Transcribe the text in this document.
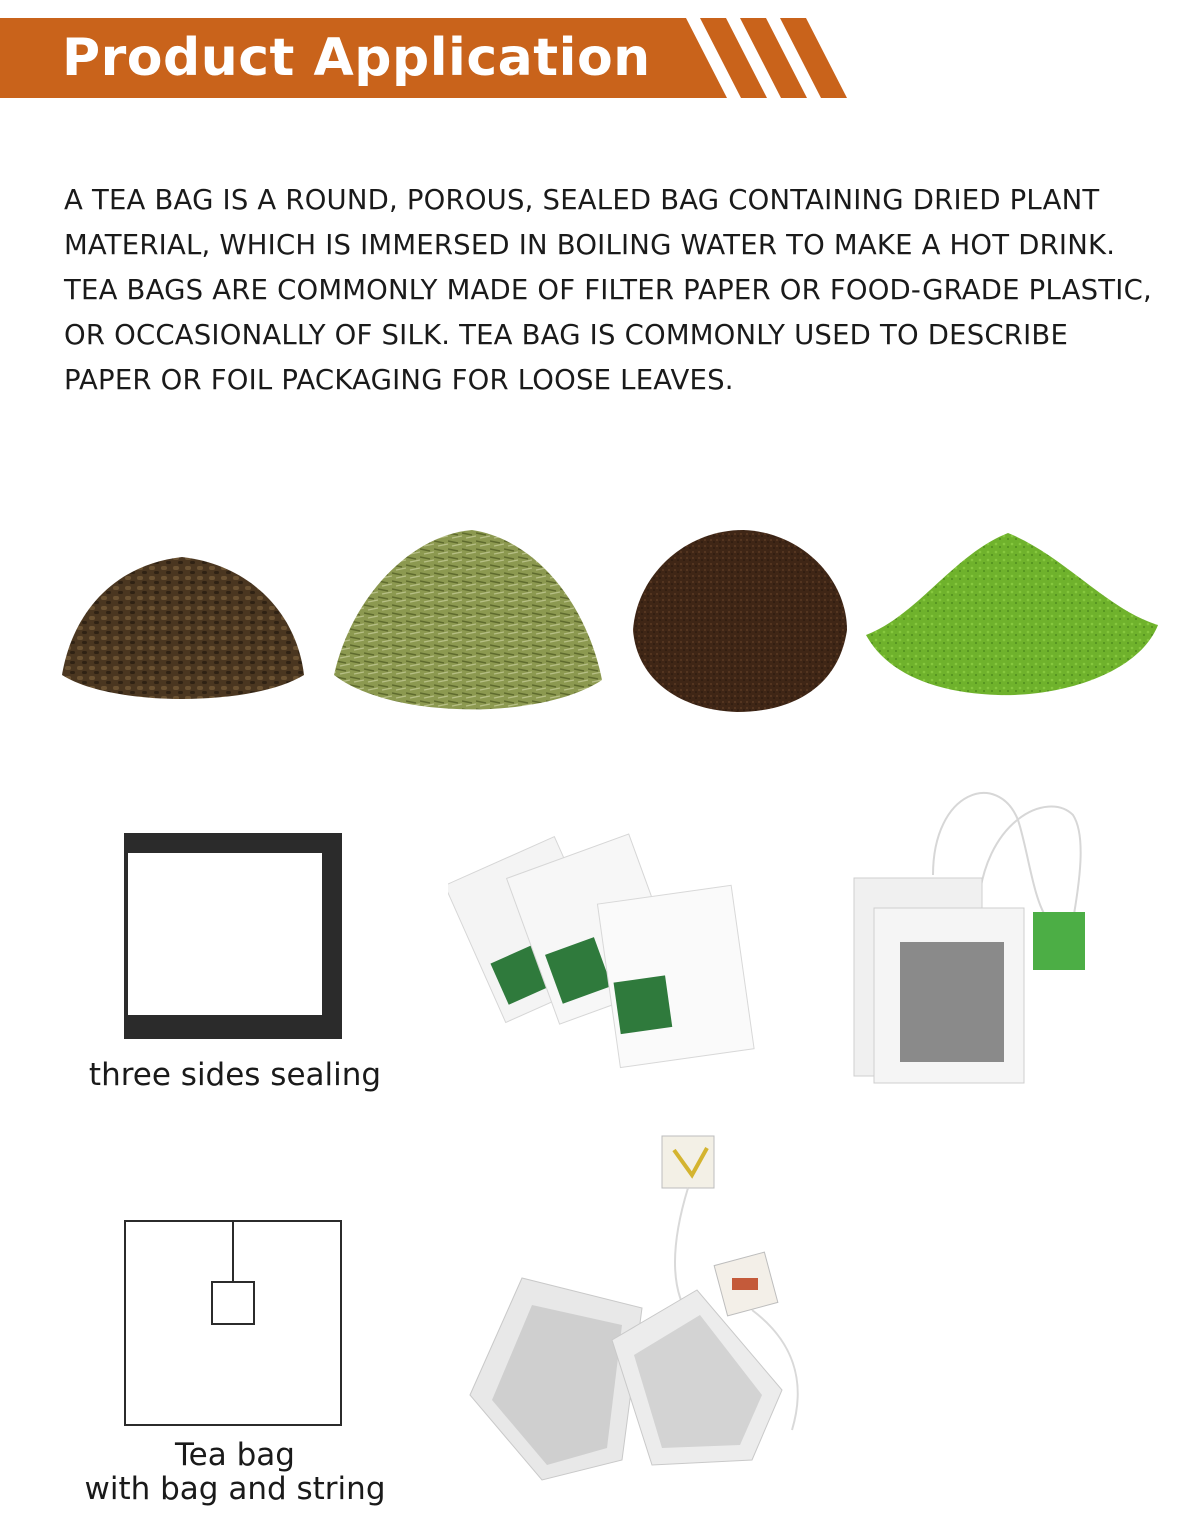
Product Application

A TEA BAG IS A ROUND, POROUS, SEALED BAG CONTAINING DRIED PLANT MATERIAL, WHICH IS IMMERSED IN BOILING WATER TO MAKE A HOT DRINK. TEA BAGS ARE COMMONLY MADE OF FILTER PAPER OR FOOD-GRADE PLASTIC, OR OCCASIONALLY OF SILK. TEA BAG IS COMMONLY USED TO DESCRIBE PAPER OR FOIL PACKAGING FOR LOOSE LEAVES.

three sides sealing
Tea bag
with bag and string
